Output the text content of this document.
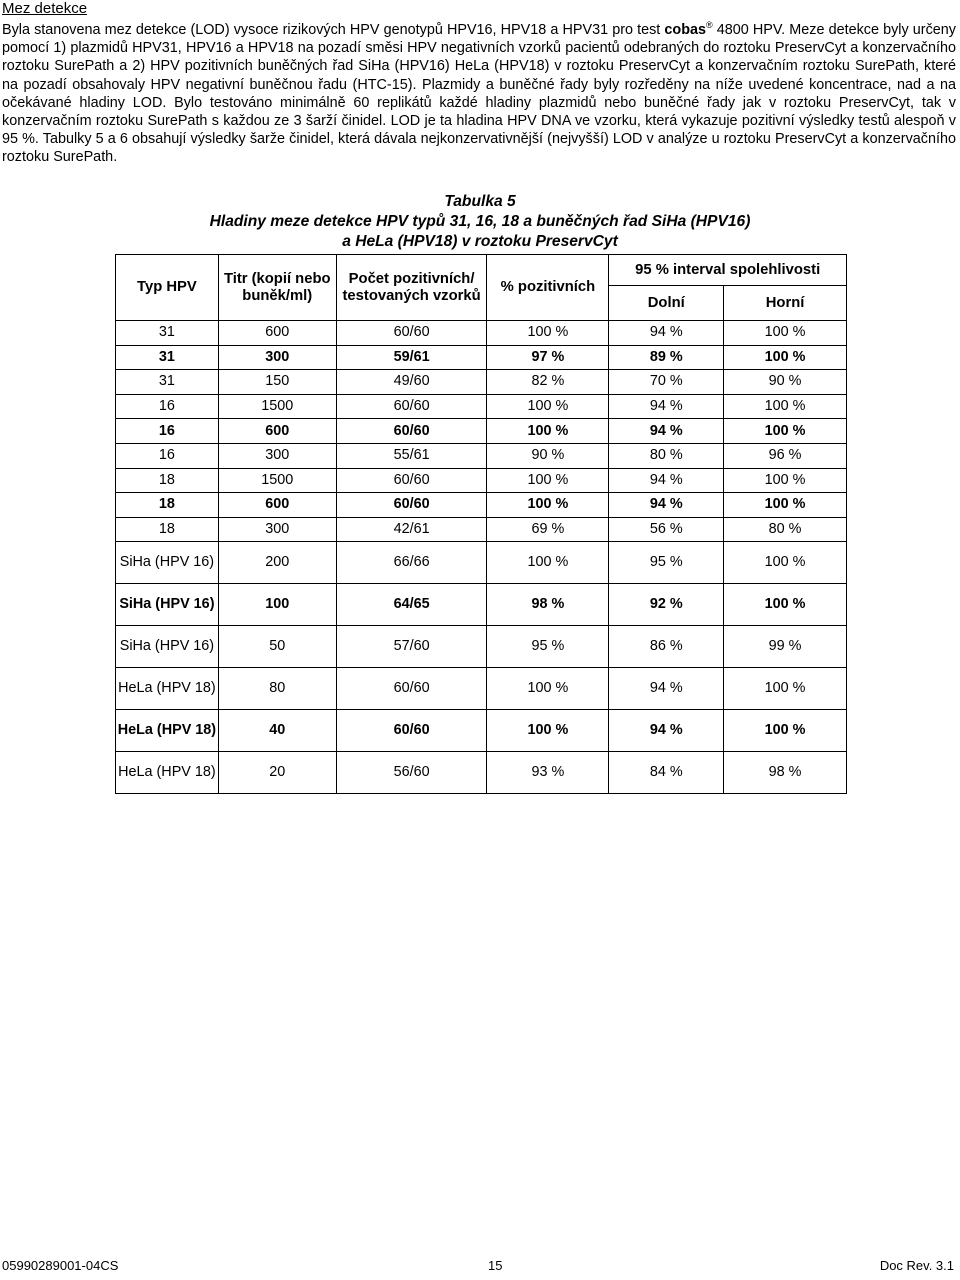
Mez detekce
Byla stanovena mez detekce (LOD) vysoce rizikových HPV genotypů HPV16, HPV18 a HPV31 pro test cobas® 4800 HPV. Meze detekce byly určeny pomocí 1) plazmidů HPV31, HPV16 a HPV18 na pozadí směsi HPV negativních vzorků pacientů odebraných do roztoku PreservCyt a konzervačního roztoku SurePath a 2) HPV pozitivních buněčných řad SiHa (HPV16) HeLa (HPV18) v roztoku PreservCyt a konzervačním roztoku SurePath, které na pozadí obsahovaly HPV negativní buněčnou řadu (HTC-15). Plazmidy a buněčné řady byly rozředěny na níže uvedené koncentrace, nad a na očekávané hladiny LOD. Bylo testováno minimálně 60 replikátů každé hladiny plazmidů nebo buněčné řady jak v roztoku PreservCyt, tak v konzervačním roztoku SurePath s každou ze 3 šarží činidel. LOD je ta hladina HPV DNA ve vzorku, která vykazuje pozitivní výsledky testů alespoň v 95 %. Tabulky 5 a 6 obsahují výsledky šarže činidel, která dávala nejkonzervativnější (nejvyšší) LOD v analýze u roztoku PreservCyt a konzervačního roztoku SurePath.
Tabulka 5
Hladiny meze detekce HPV typů 31, 16, 18 a buněčných řad SiHa (HPV16)
a HeLa (HPV18) v roztoku PreservCyt
Typ HPV	Titr (kopií nebo buněk/ml)	Počet pozitivních/ testovaných vzorků	% pozitivních	95 % interval spolehlivosti	
				Dolní	Horní
31	600	60/60	100 %	94 %	100 %
31	300	59/61	97 %	89 %	100 %
31	150	49/60	82 %	70 %	90 %
16	1500	60/60	100 %	94 %	100 %
16	600	60/60	100 %	94 %	100 %
16	300	55/61	90 %	80 %	96 %
18	1500	60/60	100 %	94 %	100 %
18	600	60/60	100 %	94 %	100 %
18	300	42/61	69 %	56 %	80 %
SiHa (HPV 16)	200	66/66	100 %	95 %	100 %
SiHa (HPV 16)	100	64/65	98 %	92 %	100 %
SiHa (HPV 16)	50	57/60	95 %	86 %	99 %
HeLa (HPV 18)	80	60/60	100 %	94 %	100 %
HeLa (HPV 18)	40	60/60	100 %	94 %	100 %
HeLa (HPV 18)	20	56/60	93 %	84 %	98 %
05990289001-04CS	15	Doc Rev. 3.1
